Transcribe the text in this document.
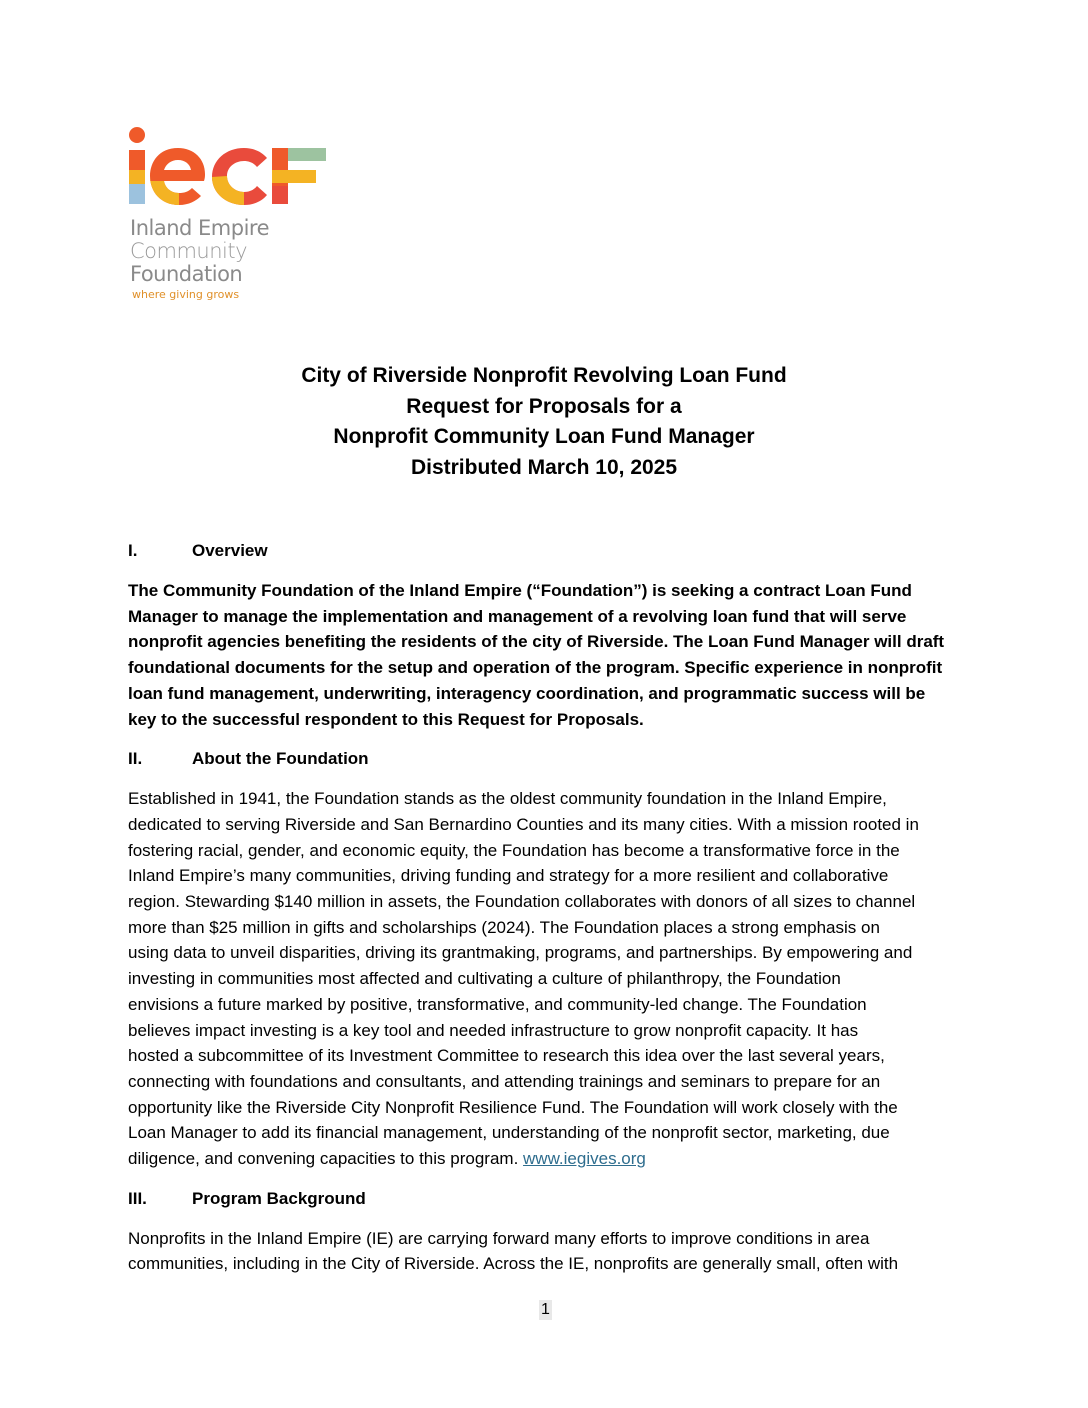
Inland Empire
Community
Foundation
where giving grows
City of Riverside Nonprofit Revolving Loan Fund
Request for Proposals for a
Nonprofit Community Loan Fund Manager
Distributed March 10, 2025
I.	Overview
The Community Foundation of the Inland Empire (“Foundation”) is seeking a contract Loan Fund
Manager to manage the implementation and management of a revolving loan fund that will serve
nonprofit agencies benefiting the residents of the city of Riverside. The Loan Fund Manager will draft
foundational documents for the setup and operation of the program. Specific experience in nonprofit
loan fund management, underwriting, interagency coordination, and programmatic success will be
key to the successful respondent to this Request for Proposals.
II.	About the Foundation
Established in 1941, the Foundation stands as the oldest community foundation in the Inland Empire,
dedicated to serving Riverside and San Bernardino Counties and its many cities. With a mission rooted in
fostering racial, gender, and economic equity, the Foundation has become a transformative force in the
Inland Empire’s many communities, driving funding and strategy for a more resilient and collaborative
region. Stewarding $140 million in assets, the Foundation collaborates with donors of all sizes to channel
more than $25 million in gifts and scholarships (2024). The Foundation places a strong emphasis on
using data to unveil disparities, driving its grantmaking, programs, and partnerships. By empowering and
investing in communities most affected and cultivating a culture of philanthropy, the Foundation
envisions a future marked by positive, transformative, and community-led change. The Foundation
believes impact investing is a key tool and needed infrastructure to grow nonprofit capacity. It has
hosted a subcommittee of its Investment Committee to research this idea over the last several years,
connecting with foundations and consultants, and attending trainings and seminars to prepare for an
opportunity like the Riverside City Nonprofit Resilience Fund. The Foundation will work closely with the
Loan Manager to add its financial management, understanding of the nonprofit sector, marketing, due
diligence, and convening capacities to this program. www.iegives.org
III.	Program Background
Nonprofits in the Inland Empire (IE) are carrying forward many efforts to improve conditions in area
communities, including in the City of Riverside. Across the IE, nonprofits are generally small, often with
1
